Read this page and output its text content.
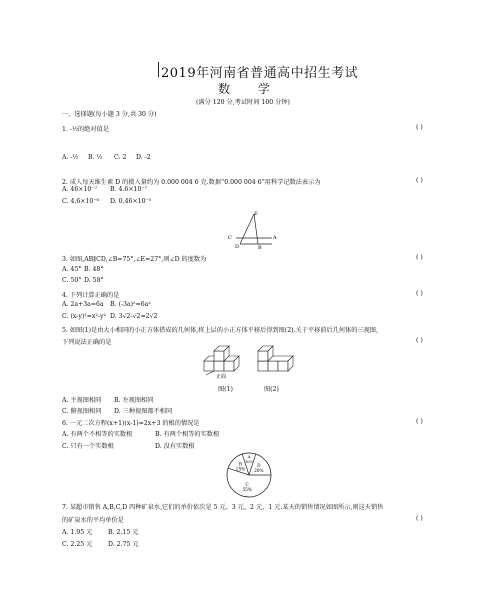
2019年河南省普通高中招生考试
数 学
(满分 120 分,考试时间 100 分钟)
一、选择题(每小题 3 分,共 30 分)
1. -½的绝对值是	( )
A. -½ B. ½ C. 2 D. -2
2. 成人每天维生素 D 的摄入量约为 0.000 004 6 克.数据“0.000 004 6”用科学记数法表示为	( )
A. 46×10⁻⁷ B. 4.6×10⁻⁷
C. 4.6×10⁻⁶ D. 0.46×10⁻⁵
E
A
B
C
D
3. 如图,AB∥CD,∠B=75°,∠E=27°,则∠D 的度数为	( )
A. 45° B. 48°
C. 50° D. 58°
4. 下列计算正确的是	( )
A. 2a+3a=6a B. (-3a)²=6a²
C. (x-y)²=x²-y² D. 3√2-√2=2√2
5. 如图(1)是由大小相同的小正方体搭成的几何体,将上层的小正方体平移后得到图(2).关于平移前后几何体的三视图,
下列说法正确的是	( )
正面
图(1)	图(2)
A. 主视图相同 B. 左视图相同
C. 俯视图相同 D. 三种视图都不相同
6. 一元二次方程(x+1)(x-1)=2x+3 的根的情况是	( )
A. 有两个不相等的实数根	B. 有两个相等的实数根
C. 只有一个实数根	D. 没有实数根
A
10%
D
20%
C
55%
B
15%
7. 某超市销售 A,B,C,D 四种矿泉水,它们的单价依次是 5 元、3 元、2 元、1 元.某天的销售情况如图所示,则这天销售
的矿泉水的平均单价是	( )
A. 1.95 元	B. 2.15 元
C. 2.25 元	D. 2.75 元
